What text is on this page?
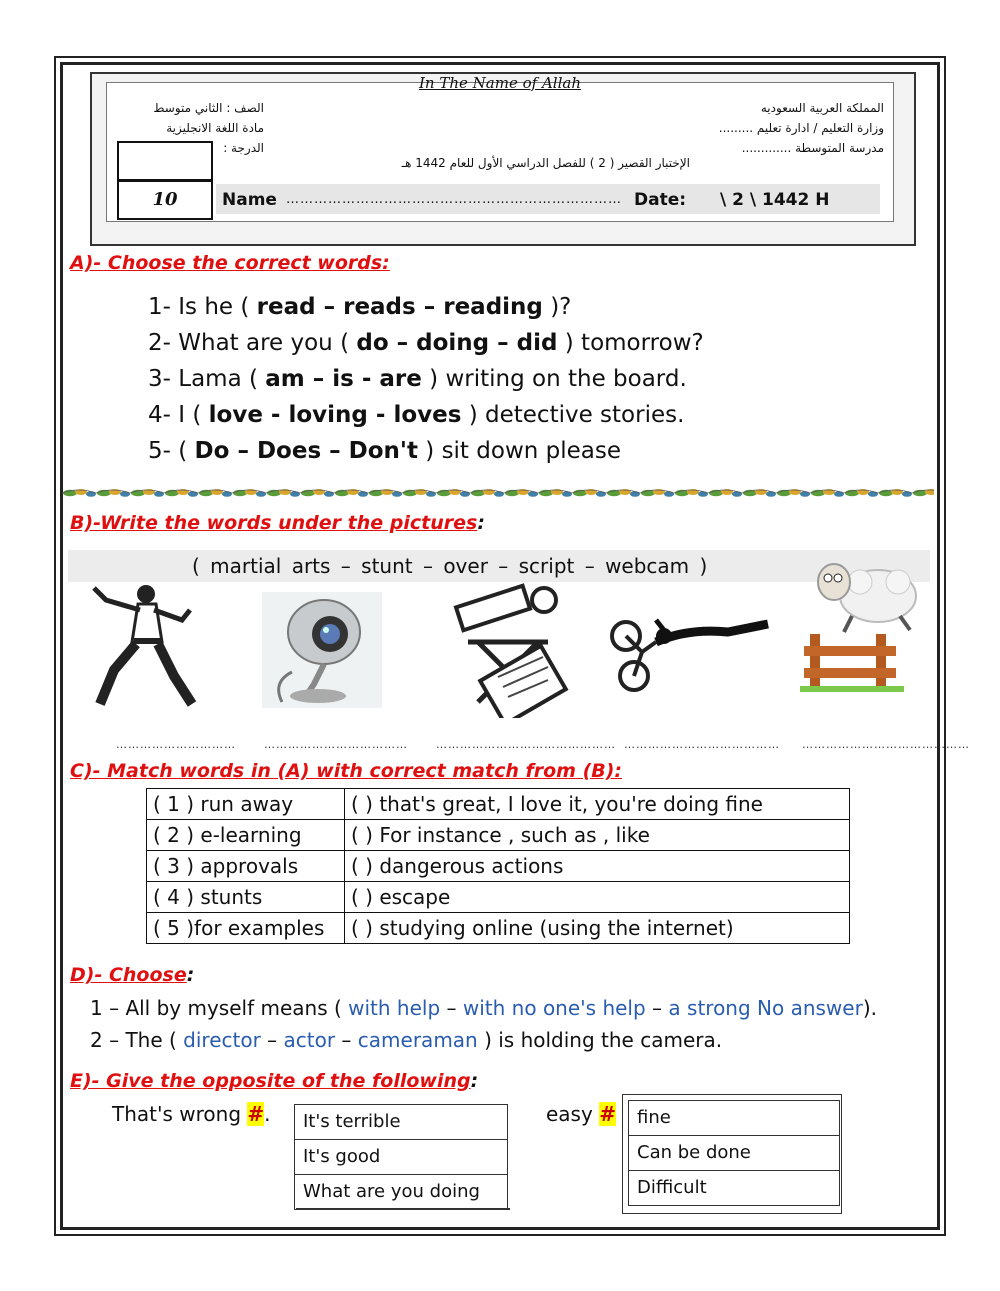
In The Name of Allah
المملكة العربية السعوديه
وزارة التعليم / ادارة تعليم .........
مدرسة المتوسطة .............
الصف : الثاني متوسط
مادة اللغة الانجليزية
الدرجة :
الإختبار القصير ( 2 ) للفصل الدراسي الأول للعام 1442 هـ
10	Name ……………………………………………………………… Date: \ 2 \ 1442 H
A)- Choose the correct words:
1- Is he ( read – reads – reading )?
2- What are you ( do – doing – did ) tomorrow?
3- Lama ( am – is - are ) writing on the board.
4- I ( love - loving - loves ) detective stories.
5- ( Do – Does – Don't ) sit down please
B)-Write the words under the pictures:
( martial arts – stunt – over – script – webcam )
…………………………	………………………………	……………………………………… ………………………………… ……………………………………
C)- Match words in (A) with correct match from (B):
( 1 ) run away	( ) that's great, I love it, you're doing fine
( 2 ) e-learning	( ) For instance , such as , like
( 3 ) approvals	( ) dangerous actions
( 4 ) stunts	( ) escape
( 5 )for examples	( ) studying online (using the internet)
D)- Choose:
1 – All by myself means ( with help – with no one's help – a strong No answer).
2 – The ( director – actor – cameraman ) is holding the camera.
E)- Give the opposite of the following:
That's wrong #.	It's terrible
It's good
What are you doing
easy #	fine
Can be done
Difficult
